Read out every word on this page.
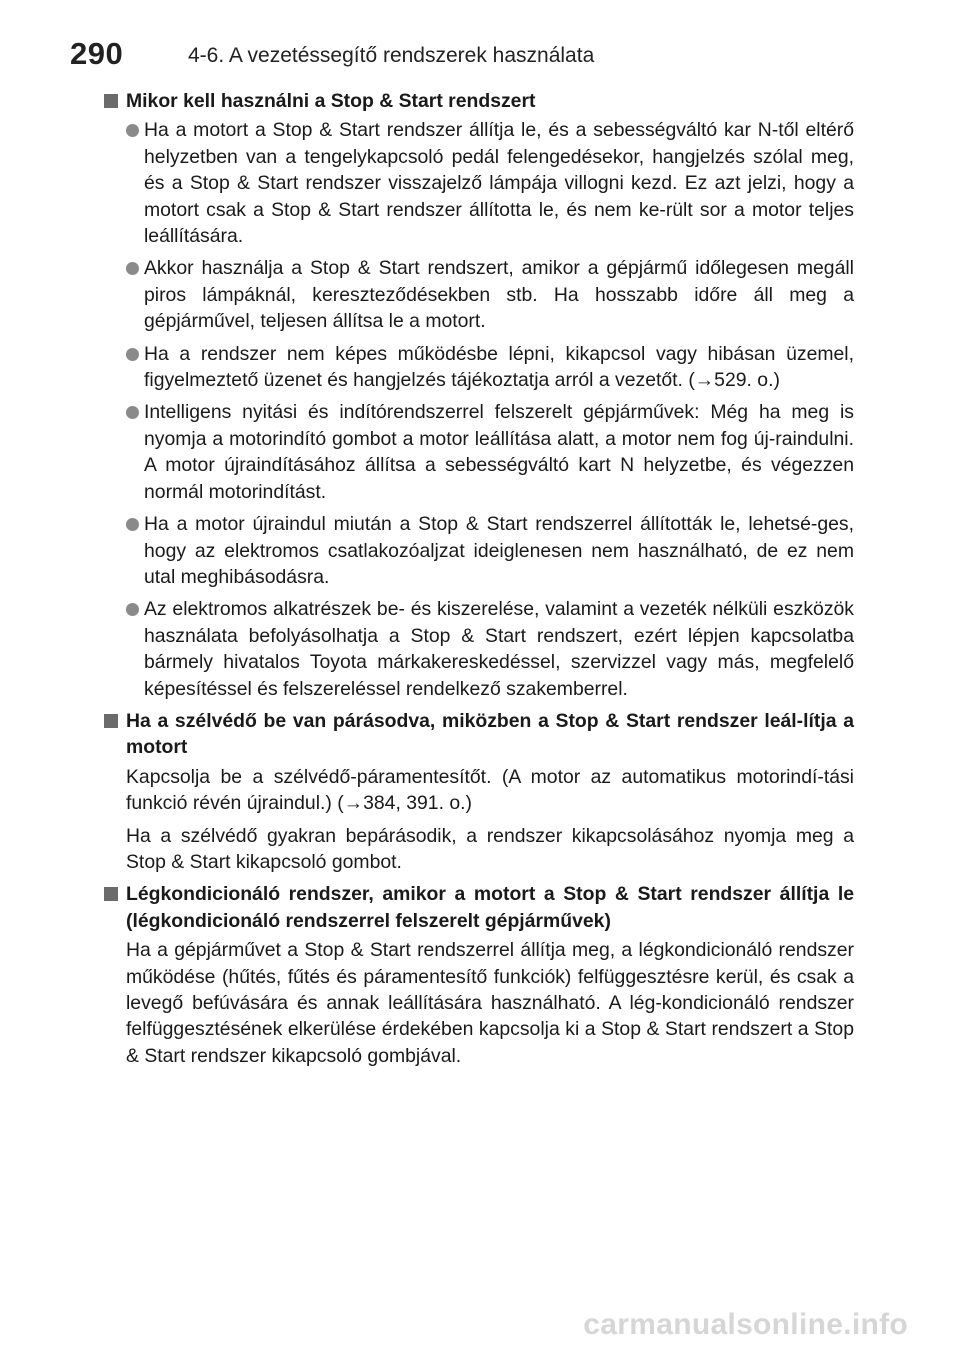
290	4-6. A vezetéssegítő rendszerek használata
Mikor kell használni a Stop & Start rendszert
Ha a motort a Stop & Start rendszer állítja le, és a sebességváltó kar N-től eltérő helyzetben van a tengelykapcsoló pedál felengedésekor, hangjelzés szólal meg, és a Stop & Start rendszer visszajelző lámpája villogni kezd. Ez azt jelzi, hogy a motort csak a Stop & Start rendszer állította le, és nem ke-rült sor a motor teljes leállítására.
Akkor használja a Stop & Start rendszert, amikor a gépjármű időlegesen megáll piros lámpáknál, kereszteződésekben stb. Ha hosszabb időre áll meg a gépjárművel, teljesen állítsa le a motort.
Ha a rendszer nem képes működésbe lépni, kikapcsol vagy hibásan üzemel, figyelmeztető üzenet és hangjelzés tájékoztatja arról a vezetőt. (→529. o.)
Intelligens nyitási és indítórendszerrel felszerelt gépjárművek: Még ha meg is nyomja a motorindító gombot a motor leállítása alatt, a motor nem fog új-raindulni. A motor újraindításához állítsa a sebességváltó kart N helyzetbe, és végezzen normál motorindítást.
Ha a motor újraindul miután a Stop & Start rendszerrel állították le, lehetsé-ges, hogy az elektromos csatlakozóaljzat ideiglenesen nem használható, de ez nem utal meghibásodásra.
Az elektromos alkatrészek be- és kiszerelése, valamint a vezeték nélküli eszközök használata befolyásolhatja a Stop & Start rendszert, ezért lépjen kapcsolatba bármely hivatalos Toyota márkakereskedéssel, szervizzel vagy más, megfelelő képesítéssel és felszereléssel rendelkező szakemberrel.
Ha a szélvédő be van párásodva, miközben a Stop & Start rendszer leál-lítja a motort
Kapcsolja be a szélvédő-páramentesítőt. (A motor az automatikus motorindí-tási funkció révén újraindul.) (→384, 391. o.)
Ha a szélvédő gyakran bepárásodik, a rendszer kikapcsolásához nyomja meg a Stop & Start kikapcsoló gombot.
Légkondicionáló rendszer, amikor a motort a Stop & Start rendszer állítja le (légkondicionáló rendszerrel felszerelt gépjárművek)
Ha a gépjárművet a Stop & Start rendszerrel állítja meg, a légkondicionáló rendszer működése (hűtés, fűtés és páramentesítő funkciók) felfüggesztésre kerül, és csak a levegő befúvására és annak leállítására használható. A lég-kondicionáló rendszer felfüggesztésének elkerülése érdekében kapcsolja ki a Stop & Start rendszert a Stop & Start rendszer kikapcsoló gombjával.
carmanualsonline.info
